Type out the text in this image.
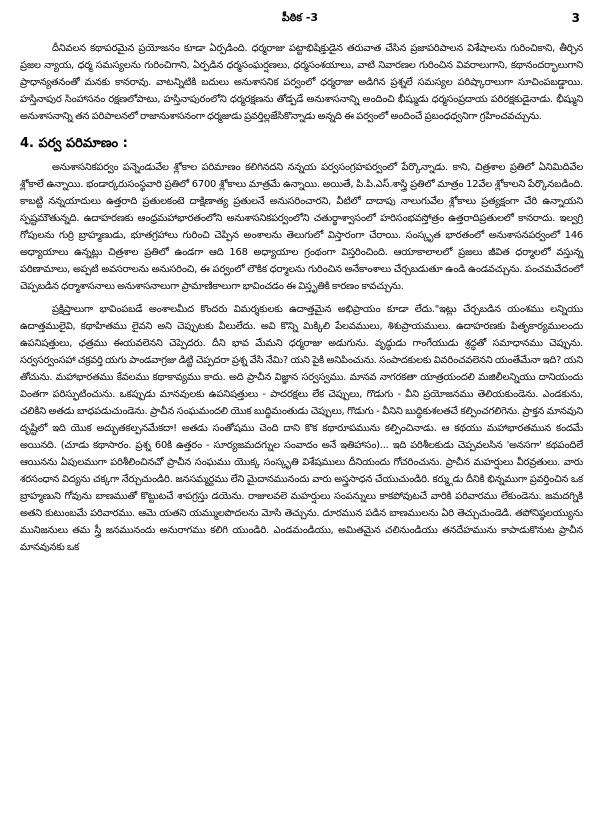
పీఠిక -3	3

దీనివలన కథాపరమైన ప్రయోజనం కూడా ఏర్పడింది. ధర్మరాజు పట్టాభిషిక్తుడైన తరువాత చేసిన ప్రజాపరిపాలన విశేషాలను గురించికాని, తీర్చిన ప్రజల న్యాయ, ధర్మ సమస్యలను గురించిగాని, ఏర్పడిన ధర్మసంఘర్షణలు, ధర్మసంశయాలు, వాటి నివారణల గురించిన వివరాలుగాని, కథానందర్భాలుగాని ప్రాధాన్యతనంతో మనకు కానరావు. వాటన్నిటికి బదులు అనుశాసనిక పర్వంలో ధర్మరాజు అడిగిన ప్రశ్నలే సమస్యల పరిష్కారాలుగా సూచింపబడ్డాయి. హస్తినాపుర సింహాసనం రక్షణలోపాటు, హస్తినాపురంలోని ధర్మరక్షణను తోడ్పడే అనుశాసనాన్ని అందించి భీష్ముడు ధర్మసంప్రదాయ పరిరక్షకుడైనాడు. భీష్ముని అనుశాసనాన్ని తన పరిపాలనలో రాజానుశాసనంగా ధర్మజుడు ప్రవర్తిల్లజేసికొన్నాడు అన్నది ఈ పర్వంలో అందించే ప్రబంధధ్వనిగా గ్రహించవచ్చును.

4. పర్వ పరిమాణం :

అనుశాసనికపర్వం పన్నెండువేల శ్లోకాల పరిమాణం కలిగినదని నన్నయ పర్వసంగ్రహపర్వంలో పేర్కొన్నాడు. కాని, చిత్రశాల ప్రతిలో ఏనిమిదివేల శ్లోకాలే ఉన్నాయి. భండార్కరుసంస్థవారి ప్రతిలో 6700 శ్లోకాలు మాత్రమే ఉన్నాయి. అయితే, పి.పి.ఎస్.శాస్త్రి ప్రతిలో మాత్రం 12వేల శ్లోకాలని పేర్కొనబడింది. కాబట్టి నన్నయాదులు ఉత్తరాది ప్రతులకంటె దాక్షిణాత్య ప్రతులనే అనుసరించారని, వీటిలో దాదాపు నాలుగువేల శ్లోకాలు ప్రత్యక్షంగా చేరి ఉన్నాయని స్పష్టమౌతున్నది. ఉదాహరణకు ఆంధ్రమహాభారతంలోని అనుశాసనికపర్వంలోని చతుర్థాశ్వాసంలో హరిసంభవస్తోత్రం ఉత్తరాదిప్రతులలో కానరాదు. ఇల్వగ్రి గోపులను గుర్రి బ్రాహ్మణుడు, భూతగ్రహాలు గురించి చెప్పిన అంశాలను తెలుగులో విస్తారంగా చేరాయి. సంస్కృత భారతంలో అనుశాసనపర్వంలో 146 అధ్యాయాలు ఉన్నట్లు చిత్రశాల ప్రతిలో ఉండగా ఆది 168 అధ్యాయాల గ్రంథంగా విస్తరించింది. ఆయాకాలాలలో ప్రజలు జీవిత ధర్మాలలో వస్తున్న పరిణామాలు, అప్పటి అవసరాలను అనుసరించి, ఈ పర్వంలో లౌకిక ధర్మాలను గురించిన అనేకాంశాలు చేర్చబడుతూ ఉండి ఉండవచ్చును. పంచమవేదంలో చెప్పబడిన ధర్మాశాసనాలు అనుశాసనాలుగా ప్రామాణికాలుగా భావించడం ఈ విస్తృతికి కారణం కావచ్చును.

ప్రక్షిప్తాలుగా భావింపబడే అంశాలమీద కొందరు విమర్శకులకు ఉదాత్తమైన అభిప్రాయం కూడా లేదు."ఇట్లు చేర్చబడిన యంశము లన్నియు ఉదాత్తములైవి, కథాహితము లైవని అని చెప్పుటకు వీలులేదు. అవి కొన్ని మిక్కిలి పేలవములు, శిశుప్రాయములు. ఉదాహరణకు పితృకార్యములందు ఉపనిషత్తులు, ఛత్రము ఈయవలెనని చెప్పెదరు. దీని భావ మేమని ధర్మరాజు అడుగును. వృద్ధుడు గాంగేయుడు శ్రద్ధతో సమాధానము చెప్పును. సర్వసర్వంసహా చక్రవర్తి యగు పాండవాగ్రజు డిట్టి చెప్పదరా ప్రశ్న వేసి నేమి? యని పైకి అనిపించును. సంపాదకులకు వివరించవలెనని యంతేమేనా ఇది? యని తోచును. మహాభారతము కేవలము కథాకావ్యము కాదు. అది ప్రాచీన విజ్ఞాన సర్వస్వము. మానవ నాగరకతా యాత్రయందలి మజిలీలన్నియు దానియందు వింతగా పరిస్ఫుటించును. ఒకప్పుడు మానవులకు ఉపనిషత్తులు - పాదరక్షలు లేక చెప్పులు, గొడుగు - వీని ప్రయోజనము తెలియకుండెను. ఎండకును, చలికిని అతడు బాధపడుచుండెను. ప్రాచీన సంఘమందలి యొక బుద్ధిమంతుడు చెప్పులు, గొడుగు - వీనిని బుద్ధికుశలతచే కల్పించగలిగెను. ప్రాక్తన మానవుని దృష్టిలో ఇది యొక అద్భుతకల్పనమేకదా! అతడు సంతోషము చెంది దాని కొక కథారూపమును కల్పించినాడు. ఆ కథయు మహాభారతమున కందమే అయినది. (చూడు కథాసారం. ప్రశ్న 60కి ఉత్తరం - సూర్యజమదగ్నుల సంవాదం అనే ఇతిహాసం)... ఇది పరిశీలకుడు చెప్పవలసిన 'అనసగా' కథపందిలే ఆయినను ఏపులముగా పరిశీలించినచో ప్రాచీన సంఘము యొక్క సంస్కృతి విశేషములు దీనియందు గోచరించును. ప్రాచీన మహర్షులు వీరవ్రతులు. వారు శరసంధాన విద్యను చక్కగా నేర్చుచుండిరి. జనసమ్మర్దము లేని మైదానమునందు వారు అస్త్రసాధన చేయుచుండిరి. కర్మ్గుడు దీనికి భిన్నముగా ప్రవర్తించిన ఒక బ్రాహ్మణుని గోవును బాణముతో కొట్టుటచే శాపగ్రస్తు డయెను. రాజులవలె మహర్షులు సంపన్నులు కాకపోవుటచే వారికి పరివారము లేకుండెను. జమదగ్నికి అతని కుటుంబమే పరివారము. ఆమె యతని యమ్ములపొదలను మోసి తెచ్చును. దూరమున పడిన బాణములను ఏరి తెచ్చుచుండెడి. తపోనిష్ఠలయ్యును మునిజనులు తమ స్త్రీ జనమునందు అనురాగము కలిగి యుండిరి. ఎండమండియు, అమితమైన చలినుండియు తనదేహమును కాపాడుకొనుట ప్రాచీన మానవునకు ఒక
